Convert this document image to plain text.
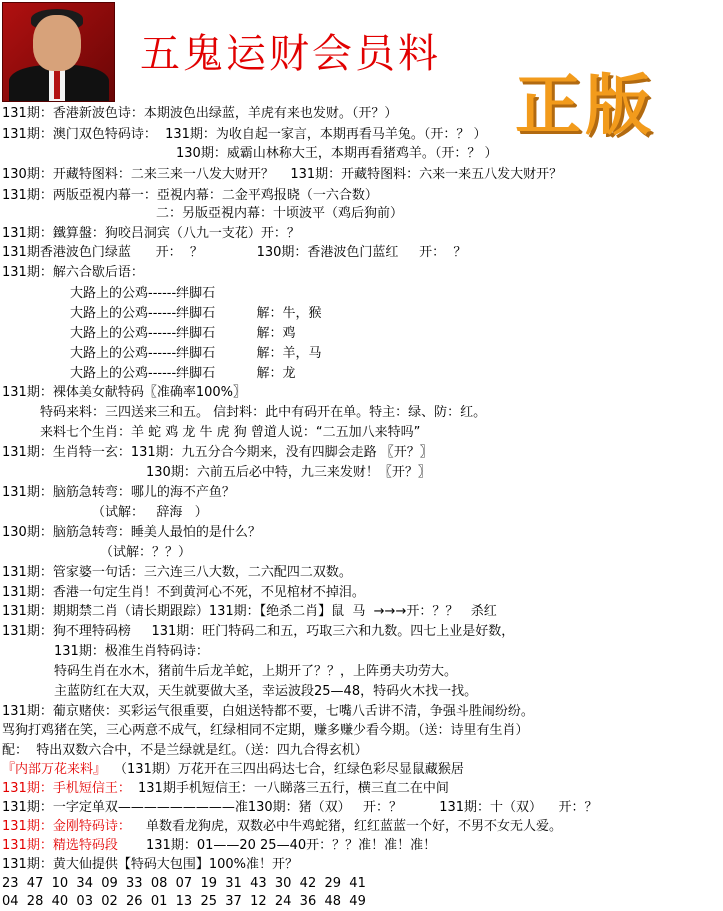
五鬼运财会员料
正版
131期：香港新波色诗：本期波色出绿蓝，羊虎有来也发财。（开？）
131期：澳门双色特码诗：  131期：为收自起一家言，本期再看马羊兔。（开：？ ）
130期：威霸山林称大王，本期再看猪鸡羊。（开：？ ）
130期：开藏特图料：二来三来一八发大财开？    131期：开藏特图料：六来一来五八发大财开？
131期：两版亞視内幕一：亞視内幕：二金平鸡报晓（一六合数）
二：另版亞視内幕：十顷波平（鸡后狗前）
131期：鐵算盤：狗咬吕洞宾（八九一支花）开：？
131期香港波色门绿蓝      开：  ？             130期：香港波色门蓝红     开：  ？
131期：解六合歇后语：
大路上的公鸡------绊脚石
大路上的公鸡------绊脚石          解：牛，猴
大路上的公鸡------绊脚石          解：鸡
大路上的公鸡------绊脚石          解：羊，马
大路上的公鸡------绊脚石          解：龙
131期：裸体美女献特码〖准确率100%〗
特码来料：三四送来三和五。 信封料：此中有码开在单。特主：绿、防：红。
来料七个生肖：羊 蛇 鸡 龙 牛 虎 狗 曾道人说：“二五加八来特吗”
131期：生肖特一玄：131期：九五分合今期来，没有四脚会走路 〖开？〗
130期：六前五后必中特，九三来发财！〖开？〗
131期：脑筋急转弯：哪儿的海不产鱼？
（试解：   辞海   ）
130期：脑筋急转弯：睡美人最怕的是什么？
（试解：？？）
131期：管家婆一句话：三六连三八大数，二六配四二双数。
131期：香港一句定生肖！不到黄河心不死，不见棺材不掉泪。
131期：期期禁二肖（请长期跟踪）131期：【绝杀二肖】鼠  马  →→→开：？？   杀红
131期：狗不理特码榜     131期：旺门特码二和五，巧取三六和九数。四七上业是好数，
131期：极准生肖特码诗：
特码生肖在水木，猪前牛后龙羊蛇，上期开了？？，上阵勇夫功劳大。
主蓝防红在大双，天生就要做大圣，幸运波段25—48，特码火木找一找。
131期：葡京赌侠：买彩运气很重要，白姐送特都不要，七嘴八舌讲不清，争强斗胜闹纷纷。
骂狗打鸡猪在笑，三心两意不成气，红绿相同不定期，赚多赚少看今期。（送：诗里有生肖）
配：  特出双数六合中，不是兰绿就是红。（送：四九合得玄机）
『内部万花来料』 （131期）万花开在三四出码达七合，红绿色彩尽显鼠藏猴居
131期：手机短信王： 131期手机短信王：一八睇落三五行，横三直二在中间
131期：一字定单双—————————准130期：猪（双）   开：？         131期：十（双）    开：？
131期：金刚特码诗： 单数看龙狗虎，双数必中牛鸡蛇猪，红红蓝蓝一个好，不男不女无人爱。
131期：精选特码段 131期：01——20 25—40开：？？准！准！准！
131期：黄大仙提供【特码大包围】100%准！开？
23  47  10  34  09  33  08  07  19  31  43  30  42  29  41
04  28  40  03  02  26  01  13  25  37  12  24  36  48  49
